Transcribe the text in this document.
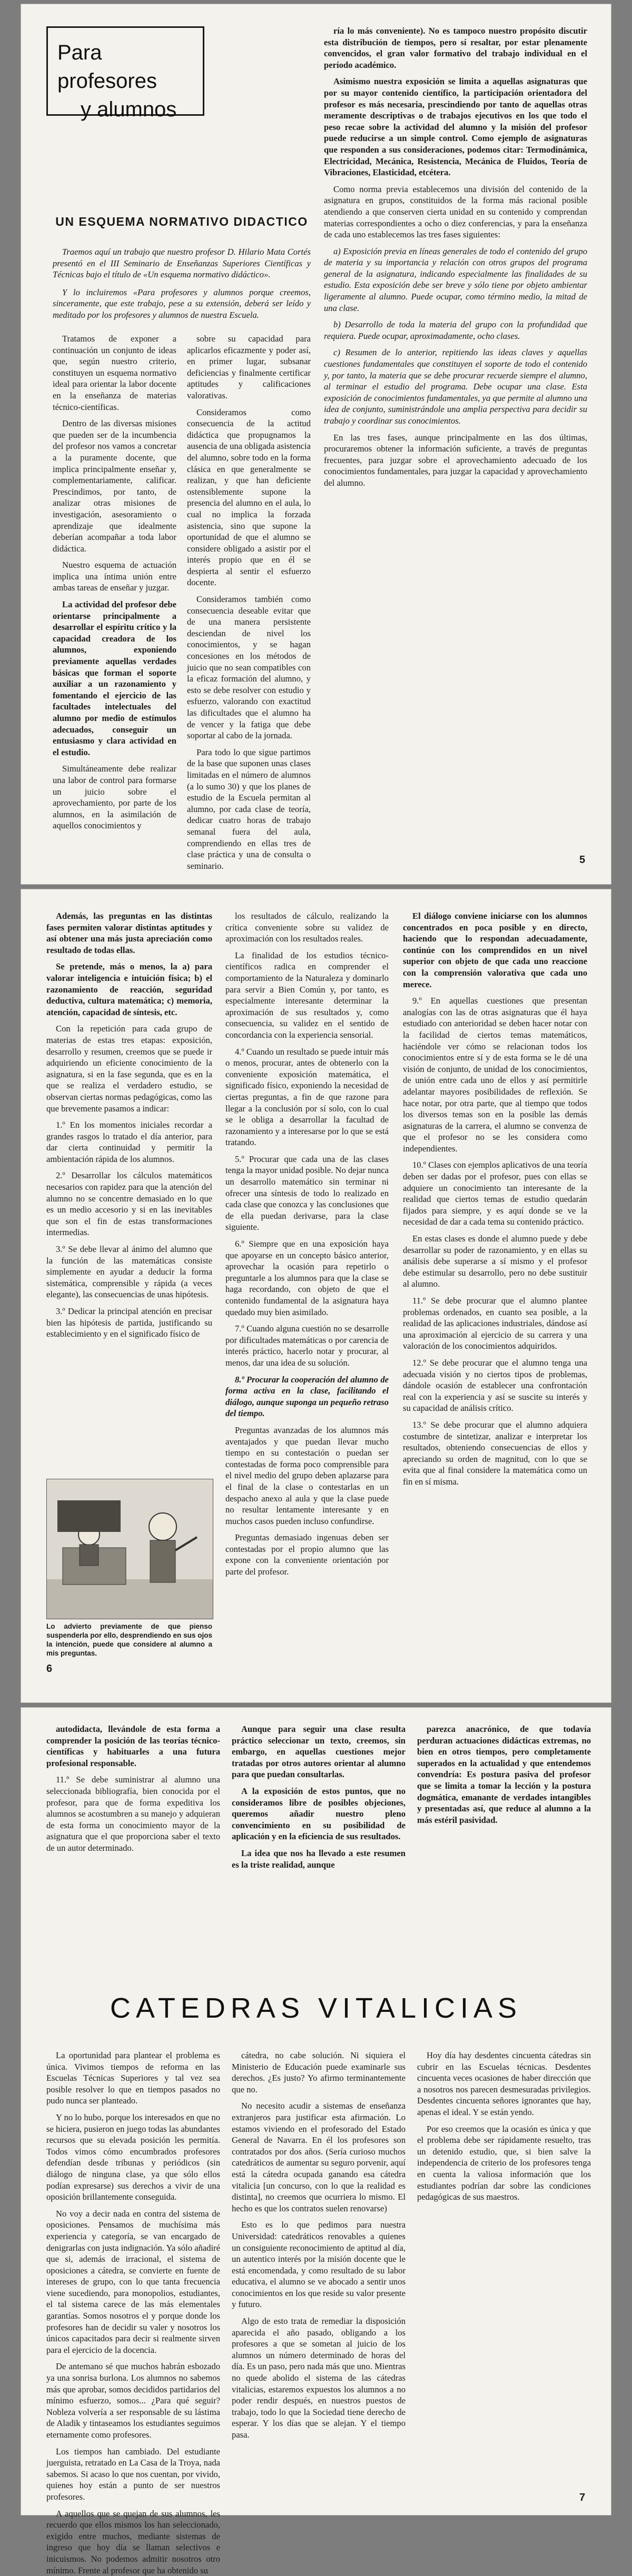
Para profesores
y alumnos
UN ESQUEMA NORMATIVO DIDACTICO

Traemos aquí un trabajo que nuestro profesor D. Hilario Mata Cortés presentó en el III Seminario de Enseñanzas Superiores Científicas y Técnicas bajo el título de «Un esquema normativo didáctico».

Y lo incluiremos «Para profesores y alumnos porque creemos, sinceramente, que este trabajo, pese a su extensión, deberá ser leído y meditado por los profesores y alumnos de nuestra Escuela.

Tratamos de exponer a continuación un conjunto de ideas que, según nuestro criterio, constituyen un esquema normativo ideal para orientar la labor docente en la enseñanza de materias técnico-científicas.

Dentro de las diversas misiones que pueden ser de la incumbencia del profesor nos vamos a concretar a la puramente docente, que implica principalmente enseñar y, complementariamente, calificar. Prescindimos, por tanto, de analizar otras misiones de investigación, asesoramiento o aprendizaje que idealmente deberían acompañar a toda labor didáctica.

Nuestro esquema de actuación implica una íntima unión entre ambas tareas de enseñar y juzgar.

La actividad del profesor debe orientarse principalmente a desarrollar el espíritu crítico y la capacidad creadora de los alumnos, exponiendo previamente aquellas verdades básicas que forman el soporte auxiliar a un razonamiento y fomentando el ejercicio de las facultades intelectuales del alumno por medio de estímulos adecuados, conseguir un entusiasmo y clara actividad en el estudio.

Simultáneamente debe realizar una labor de control para formarse un juicio sobre el aprovechamiento, por parte de los alumnos, en la asimilación de aquellos conocimientos y

sobre su capacidad para aplicarlos eficazmente y poder así, en primer lugar, subsanar deficiencias y finalmente certificar aptitudes y calificaciones valorativas.

Consideramos como consecuencia de la actitud didáctica que propugnamos la ausencia de una obligada asistencia del alumno, sobre todo en la forma clásica en que generalmente se realizan, y que han deficiente ostensiblemente supone la presencia del alumno en el aula, lo cual no implica la forzada asistencia, sino que supone la oportunidad de que el alumno se considere obligado a asistir por el interés propio que en él se despierta al sentir el esfuerzo docente.

Consideramos también como consecuencia deseable evitar que de una manera persistente desciendan de nivel los conocimientos, y se hagan concesiones en los métodos de juicio que no sean compatibles con la eficaz formación del alumno, y esto se debe resolver con estudio y esfuerzo, valorando con exactitud las dificultades que el alumno ha de vencer y la fatiga que debe soportar al cabo de la jornada.

Para todo lo que sigue partimos de la base que suponen unas clases limitadas en el número de alumnos (a lo sumo 30) y que los planes de estudio de la Escuela permitan al alumno, por cada clase de teoría, dedicar cuatro horas de trabajo semanal fuera del aula, comprendiendo en ellas tres de clase práctica y una de consulta o seminario.

ría lo más conveniente). No es tampoco nuestro propósito discutir esta distribución de tiempos, pero sí resaltar, por estar plenamente convencidos, el gran valor formativo del trabajo individual en el período académico.

Asimismo nuestra exposición se limita a aquellas asignaturas que por su mayor contenido científico, la participación orientadora del profesor es más necesaria, prescindiendo por tanto de aquellas otras meramente descriptivas o de trabajos ejecutivos en los que todo el peso recae sobre la actividad del alumno y la misión del profesor puede reducirse a un simple control. Como ejemplo de asignaturas que responden a sus consideraciones, podemos citar: Termodinámica, Electricidad, Mecánica, Resistencia, Mecánica de Fluidos, Teoría de Vibraciones, Elasticidad, etcétera.

Como norma previa establecemos una división del contenido de la asignatura en grupos, constituidos de la forma más racional posible atendiendo a que conserven cierta unidad en su contenido y comprendan materias correspondientes a ocho o diez conferencias, y para la enseñanza de cada uno establecemos las tres fases siguientes:

a) Exposición previa en líneas generales de todo el contenido del grupo de materia y su importancia y relación con otros grupos del programa general de la asignatura, indicando especialmente las finalidades de su estudio. Esta exposición debe ser breve y sólo tiene por objeto ambientar ligeramente al alumno. Puede ocupar, como término medio, la mitad de una clase.

b) Desarrollo de toda la materia del grupo con la profundidad que requiera. Puede ocupar, aproximadamente, ocho clases.

c) Resumen de lo anterior, repitiendo las ideas claves y aquellas cuestiones fundamentales que constituyen el soporte de todo el contenido y, por tanto, la materia que se debe procurar recuerde siempre el alumno, al terminar el estudio del programa. Debe ocupar una clase. Esta exposición de conocimientos fundamentales, ya que permite al alumno una idea de conjunto, suministrándole una amplia perspectiva para decidir su trabajo y coordinar sus conocimientos.

En las tres fases, aunque principalmente en las dos últimas, procuraremos obtener la información suficiente, a través de preguntas frecuentes, para juzgar sobre el aprovechamiento adecuado de los conocimientos fundamentales, para juzgar la capacidad y aprovechamiento del alumno.

5

Además, las preguntas en las distintas fases permiten valorar distintas aptitudes y así obtener una más justa apreciación como resultado de todas ellas.

Se pretende, más o menos, la a) para valorar inteligencia e intuición física; b) el razonamiento de reacción, seguridad deductiva, cultura matemática; c) memoria, atención, capacidad de síntesis, etc.

Con la repetición para cada grupo de materias de estas tres etapas: exposición, desarrollo y resumen, creemos que se puede ir adquiriendo un eficiente conocimiento de la asignatura, si en la fase segunda, que es en la que se realiza el verdadero estudio, se observan ciertas normas pedagógicas, como las que brevemente pasamos a indicar:

1.º En los momentos iniciales recordar a grandes rasgos lo tratado el día anterior, para dar cierta continuidad y permitir la ambientación rápida de los alumnos.

2.º Desarrollar los cálculos matemáticos necesarios con rapidez para que la atención del alumno no se concentre demasiado en lo que es un medio accesorio y si en las inevitables que son el fin de estas transformaciones intermedias.

3.º Se debe llevar al ánimo del alumno que la función de las matemáticas consiste simplemente en ayudar a deducir la forma sistemática, comprensible y rápida (a veces elegante), las consecuencias de unas hipótesis.

3.º Dedicar la principal atención en precisar bien las hipótesis de partida, justificando su establecimiento y en el significado físico de

Lo advierto previamente de que pienso suspenderla por ello, desprendiendo en sus ojos la intención, puede que considere al alumno a mis preguntas.
6

los resultados de cálculo, realizando la crítica conveniente sobre su validez de aproximación con los resultados reales.

La finalidad de los estudios técnico-científicos radica en comprender el comportamiento de la Naturaleza y dominarlo para servir a Bien Común y, por tanto, es especialmente interesante determinar la aproximación de sus resultados y, como consecuencia, su validez en el sentido de concordancia con la experiencia sensorial.

4.º Cuando un resultado se puede intuir más o menos, procurar, antes de obtenerlo con la conveniente exposición matemática, el significado físico, exponiendo la necesidad de ciertas preguntas, a fin de que razone para llegar a la conclusión por sí solo, con lo cual se le obliga a desarrollar la facultad de razonamiento y a interesarse por lo que se está tratando.

5.º Procurar que cada una de las clases tenga la mayor unidad posible. No dejar nunca un desarrollo matemático sin terminar ni ofrecer una síntesis de todo lo realizado en cada clase que conozca y las conclusiones que de ella puedan derivarse, para la clase siguiente.

6.º Siempre que en una exposición haya que apoyarse en un concepto básico anterior, aprovechar la ocasión para repetirlo o preguntarle a los alumnos para que la clase se haga recordando, con objeto de que el contenido fundamental de la asignatura haya quedado muy bien asimilado.

7.º Cuando alguna cuestión no se desarrolle por dificultades matemáticas o por carencia de interés práctico, hacerlo notar y procurar, al menos, dar una idea de su solución.

8.º Procurar la cooperación del alumno de forma activa en la clase, facilitando el diálogo, aunque suponga un pequeño retraso del tiempo.

Preguntas avanzadas de los alumnos más aventajados y que puedan llevar mucho tiempo en su contestación o puedan ser contestadas de forma poco comprensible para el nivel medio del grupo deben aplazarse para el final de la clase o contestarlas en un despacho anexo al aula y que la clase puede no resultar lentamente interesante y en muchos casos pueden incluso confundirse.

Preguntas demasiado ingenuas deben ser contestadas por el propio alumno que las expone con la conveniente orientación por parte del profesor.

El diálogo conviene iniciarse con los alumnos concentrados en poca posible y en directo, haciendo que lo respondan adecuadamente, continúe con los comprendidos en un nivel superior con objeto de que cada uno reaccione con la comprensión valorativa que cada uno merece.

9.º En aquellas cuestiones que presentan analogías con las de otras asignaturas que él haya estudiado con anterioridad se deben hacer notar con la facilidad de ciertos temas matemáticos, haciéndole ver cómo se relacionan todos los conocimientos entre sí y de esta forma se le dé una visión de conjunto, de unidad de los conocimientos, de unión entre cada uno de ellos y así permitirle adelantar mayores posibilidades de reflexión. Se hace notar, por otra parte, que al tiempo que todos los diversos temas son en la posible las demás asignaturas de la carrera, el alumno se convenza de que el profesor no se les considera como independientes.

10.º Clases con ejemplos aplicativos de una teoría deben ser dadas por el profesor, pues con ellas se adquiere un conocimiento tan interesante de la realidad que ciertos temas de estudio quedarán fijados para siempre, y es aquí donde se ve la necesidad de dar a cada tema su contenido práctico.

En estas clases es donde el alumno puede y debe desarrollar su poder de razonamiento, y en ellas su análisis debe superarse a sí mismo y el profesor debe estimular su desarrollo, pero no debe sustituir al alumno.

11.º Se debe procurar que el alumno plantee problemas ordenados, en cuanto sea posible, a la realidad de las aplicaciones industriales, dándose así una aproximación al ejercicio de su carrera y una valoración de los conocimientos adquiridos.

12.º Se debe procurar que el alumno tenga una adecuada visión y no ciertos tipos de problemas, dándole ocasión de establecer una confrontación real con la experiencia y así se suscite su interés y su capacidad de análisis crítico.

13.º Se debe procurar que el alumno adquiera costumbre de sintetizar, analizar e interpretar los resultados, obteniendo consecuencias de ellos y apreciando su orden de magnitud, con lo que se evita que al final considere la matemática como un fin en sí misma.

autodidacta, llevándole de esta forma a comprender la posición de las teorías técnico-científicas y habituarles a una futura profesional responsable.

11.º Se debe suministrar al alumno una seleccionada bibliografía, bien conocida por el profesor, para que de forma expeditiva los alumnos se acostumbren a su manejo y adquieran de esta forma un conocimiento mayor de la asignatura que el que proporciona saber el texto de un autor determinado.

Aunque para seguir una clase resulta práctico seleccionar un texto, creemos, sin embargo, en aquellas cuestiones mejor tratadas por otros autores orientar al alumno para que puedan consultarlas.

A la exposición de estos puntos, que no consideramos libre de posibles objeciones, queremos añadir nuestro pleno convencimiento en su posibilidad de aplicación y en la eficiencia de sus resultados.

La idea que nos ha llevado a este resumen es la triste realidad, aunque

parezca anacrónico, de que todavía perduran actuaciones didácticas extremas, no bien en otros tiempos, pero completamente superados en la actualidad y que entendemos convendría: Es postura pasiva del profesor que se limita a tomar la lección y la postura dogmática, emanante de verdades intangibles y presentadas así, que reduce al alumno a la más estéril pasividad.

CATEDRAS VITALICIAS

La oportunidad para plantear el problema es única. Vivimos tiempos de reforma en las Escuelas Técnicas Superiores y tal vez sea posible resolver lo que en tiempos pasados no pudo nunca ser planteado.

Y no lo hubo, porque los interesados en que no se hiciera, pusieron en juego todas las abundantes recursos que su elevada posición les permitía. Todos vimos cómo encumbrados profesores defendían desde tribunas y periódicos (sin diálogo de ninguna clase, ya que sólo ellos podían expresarse) sus derechos a vivir de una oposición brillantemente conseguida.

No voy a decir nada en contra del sistema de oposiciones. Pensamos de muchísima más experiencia y categoría, se van encargado de denigrarlas con justa indignación. Ya sólo añadiré que si, además de irracional, el sistema de oposiciones a cátedra, se convierte en fuente de intereses de grupo, con lo que tanta frecuencia viene sucediendo, para monopolios, estudiantes, el tal sistema carece de las más elementales garantías. Somos nosotros el y porque donde los profesores han de decidir su valer y nosotros los únicos capacitados para decir si realmente sirven para el ejercicio de la docencia.

De antemano sé que muchos habrán esbozado ya una sonrisa burlona. Los alumnos no sabemos más que aprobar, somos decididos partidarios del mínimo esfuerzo, somos... ¿Para qué seguir? Nobleza volvería a ser responsable de su lástima de Aladik y tintaseamos los estudiantes seguimos eternamente como profesores.

Los tiempos han cambiado. Del estudiante juerguista, retratado en La Casa de la Troya, nada sabemos. Si acaso lo que nos cuentan, por vivido, quienes hoy están a punto de ser nuestros profesores.

A aquellos que se quejan de sus alumnos, les recuerdo que ellos mismos los han seleccionado, exigido entre muchos, mediante sistemas de ingreso que hoy día se llaman selectivos e inicuismos. No podemos admitir nosotros otro mínimo. Frente al profesor que ha obtenido su

cátedra, no cabe solución. Ni siquiera el Ministerio de Educación puede examinarle sus derechos. ¿Es justo? Yo afirmo terminantemente que no.

No necesito acudir a sistemas de enseñanza extranjeros para justificar esta afirmación. Lo estamos viviendo en el profesorado del Estado General de Navarra. En él los profesores son contratados por dos años. (Sería curioso muchos catedráticos de aumentar su seguro porvenir, aquí está la cátedra ocupada ganando esa cátedra vitalicia [un concurso, con lo que la realidad es distinta], no creemos que ocurriera lo mismo. El hecho es que los contratos suelen renovarse)

Esto es lo que pedimos para nuestra Universidad: catedráticos renovables a quienes un consiguiente reconocimiento de aptitud al día, un autentico interés por la misión docente que le está encomendada, y como resultado de su labor educativa, el alumno se ve abocado a sentir unos conocimientos en los que reside su valor presente y futuro.

Algo de esto trata de remediar la disposición aparecida el año pasado, obligando a los profesores a que se sometan al juicio de los alumnos un número determinado de horas del día. Es un paso, pero nada más que uno. Mientras no quede abolido el sistema de las cátedras vitalicias, estaremos expuestos los alumnos a no poder rendir después, en nuestros puestos de trabajo, todo lo que la Sociedad tiene derecho de esperar. Y los días que se alejan. Y el tiempo pasa.

Hoy día hay desdentes cincuenta cátedras sin cubrir en las Escuelas técnicas. Desdentes cincuenta veces ocasiones de haber dirección que a nosotros nos parecen desmesuradas privilegios. Desdentes cincuenta señores ignorantes que hay, apenas el ideal. Y se están yendo.

Por eso creemos que la ocasión es única y que el problema debe ser rápidamente resuelto, tras un detenido estudio, que, si bien salve la independencia de criterio de los profesores tenga en cuenta la valiosa información que los estudiantes podrían dar sobre las condiciones pedagógicas de sus maestros.

7
